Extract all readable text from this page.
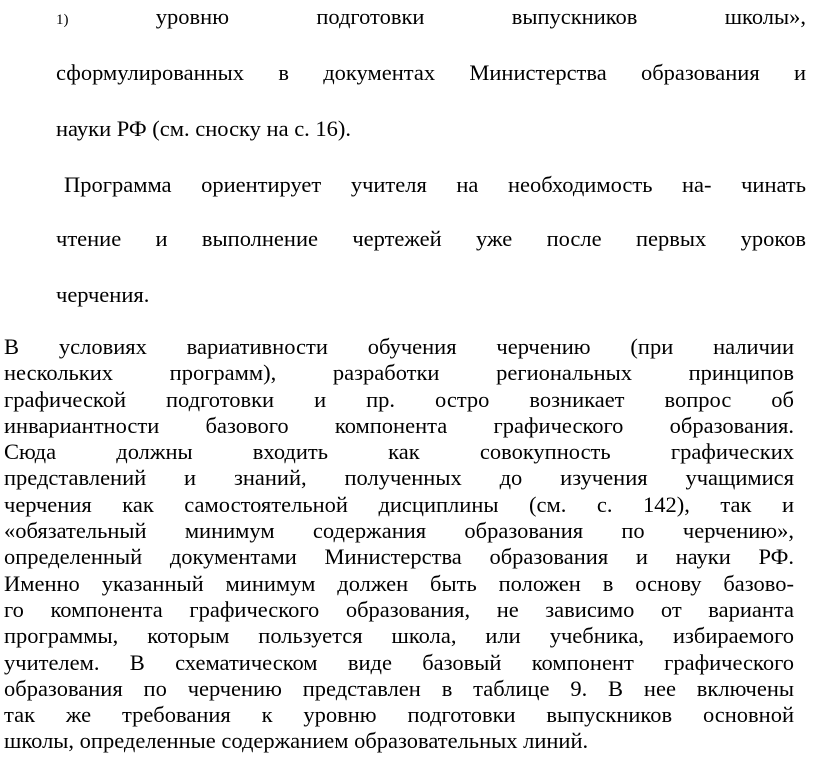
1)	уровню	подготовки	выпускников	школы»,
сформулированных в документах Министерства образования и
науки РФ (см. сноску на с. 16).
Программа ориентирует учителя на необходимость на- чинать
чтение и выполнение чертежей уже после первых уроков
черчения.
В условиях вариативности обучения черчению (при наличии
нескольких программ), разработки региональных принципов
графической подготовки и пр. остро возникает вопрос об
инвариантности базового компонента графического образования.
Сюда должны входить как совокупность графических
представлений и знаний, полученных до изучения учащимися
черчения как самостоятельной дисциплины (см. с. 142), так и
«обязательный минимум содержания образования по черчению»,
определенный документами Министерства образования и науки РФ.
Именно указанный минимум должен быть положен в основу базово-
го компонента графического образования, не зависимо от варианта
программы, которым пользуется школа, или учебника, избираемого
учителем. В схематическом виде базовый компонент графического
образования по черчению представлен в таблице 9. В нее включены
так же требования к уровню подготовки выпускников основной
школы, определенные содержанием образовательных линий.
